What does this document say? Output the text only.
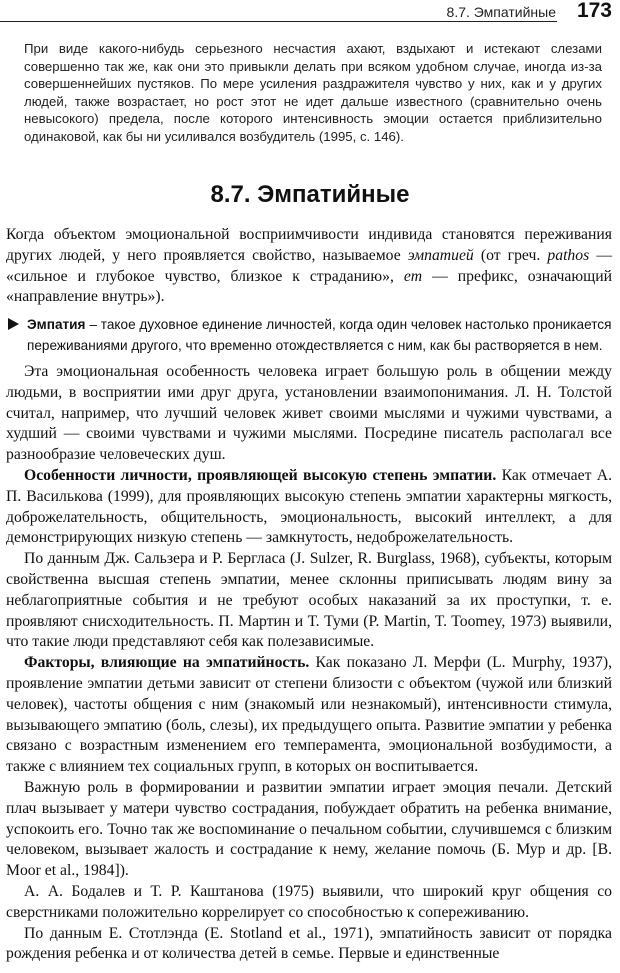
8.7. Эмпатийные 173
При виде какого-нибудь серьезного несчастия ахают, вздыхают и истекают слезами совершенно так же, как они это привыкли делать при всяком удобном случае, иногда из-за совершеннейших пустяков. По мере усиления раздражителя чувство у них, как и у других людей, также возрастает, но рост этот не идет дальше известного (сравнительно очень невысокого) предела, после которого интенсивность эмоции остается приблизительно одинаковой, как бы ни усиливался возбудитель (1995, с. 146).
8.7. Эмпатийные

Когда объектом эмоциональной восприимчивости индивида становятся переживания других людей, у него проявляется свойство, называемое эмпатией (от греч. pathos — «сильное и глубокое чувство, близкое к страданию», em — префикс, означающий «направление внутрь»).

Эмпатия – такое духовное единение личностей, когда один человек настолько проникается
переживаниями другого, что временно отождествляется с ним, как бы растворяется в нем.

Эта эмоциональная особенность человека играет большую роль в общении между людьми, в восприятии ими друг друга, установлении взаимопонимания. Л. Н. Толстой считал, например, что лучший человек живет своими мыслями и чужими чувствами, а худший — своими чувствами и чужими мыслями. Посредине писатель располагал все разнообразие человеческих душ.

Особенности личности, проявляющей высокую степень эмпатии. Как отмечает А. П. Василькова (1999), для проявляющих высокую степень эмпатии характерны мягкость, доброжелательность, общительность, эмоциональность, высокий интеллект, а для демонстрирующих низкую степень — замкнутость, недоброжелательность.

По данным Дж. Сальзера и Р. Берглаcа (J. Sulzer, R. Burglass, 1968), субъекты, которым свойственна высшая степень эмпатии, менее склонны приписывать людям вину за неблагоприятные события и не требуют особых наказаний за их проступки, т. е. проявляют снисходительность. П. Мартин и Т. Туми (P. Martin, T. Toomey, 1973) выявили, что такие люди представляют себя как полезависимые.

Факторы, влияющие на эмпатийность. Как показано Л. Мерфи (L. Murphy, 1937), проявление эмпатии детьми зависит от степени близости с объектом (чужой или близкий человек), частоты общения с ним (знакомый или незнакомый), интенсивности стимула, вызывающего эмпатию (боль, слезы), их предыдущего опыта. Развитие эмпатии у ребенка связано с возрастным изменением его темперамента, эмоциональной возбудимости, а также с влиянием тех социальных групп, в которых он воспитывается.

Важную роль в формировании и развитии эмпатии играет эмоция печали. Детский плач вызывает у матери чувство сострадания, побуждает обратить на ребенка внимание, успокоить его. Точно так же воспоминание о печальном событии, случившемся с близким человеком, вызывает жалость и сострадание к нему, желание помочь (Б. Мур и др. [B. Moor et al., 1984]).

А. А. Бодалев и Т. Р. Каштанова (1975) выявили, что широкий круг общения со сверстниками положительно коррелирует со способностью к сопереживанию.

По данным Е. Стотлэнда (E. Stotland et al., 1971), эмпатийность зависит от порядка рождения ребенка и от количества детей в семье. Первые и единственные
